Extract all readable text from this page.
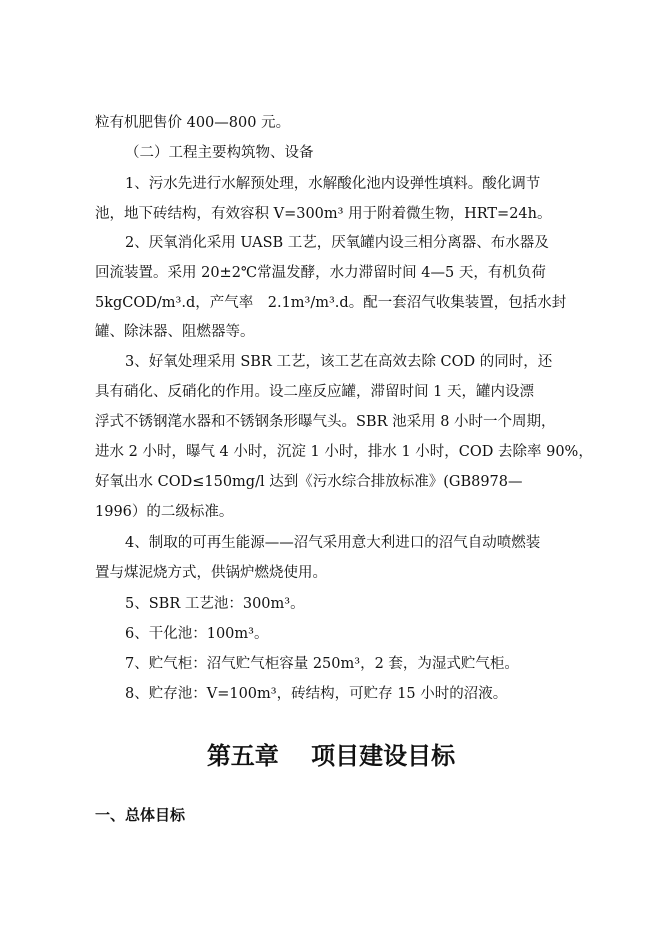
粒有机肥售价 400—800 元。
（二）工程主要构筑物、设备
1、污水先进行水解预处理，水解酸化池内设弹性填料。酸化调节
池，地下砖结构，有效容积 V=300m³ 用于附着微生物，HRT=24h。
2、厌氧消化采用 UASB 工艺，厌氧罐内设三相分离器、布水器及
回流装置。采用 20±2℃常温发酵，水力滞留时间 4—5 天，有机负荷
5kgCOD/m³.d，产气率　2.1m³/m³.d。配一套沼气收集装置，包括水封
罐、除沫器、阻燃器等。
3、好氧处理采用 SBR 工艺，该工艺在高效去除 COD 的同时，还
具有硝化、反硝化的作用。设二座反应罐，滞留时间 1 天，罐内设漂
浮式不锈钢滗水器和不锈钢条形曝气头。SBR 池采用 8 小时一个周期，
进水 2 小时，曝气 4 小时，沉淀 1 小时，排水 1 小时，COD 去除率 90%，
好氧出水 COD≤150mg/l 达到《污水综合排放标准》(GB8978—
1996）的二级标准。
4、制取的可再生能源——沼气采用意大利进口的沼气自动喷燃装
置与煤泥烧方式，供锅炉燃烧使用。
5、SBR 工艺池：300m³。
6、干化池：100m³。
7、贮气柜：沼气贮气柜容量 250m³，2 套，为湿式贮气柜。
8、贮存池：V=100m³，砖结构，可贮存 15 小时的沼液。
第五章　 项目建设目标
一、总体目标
